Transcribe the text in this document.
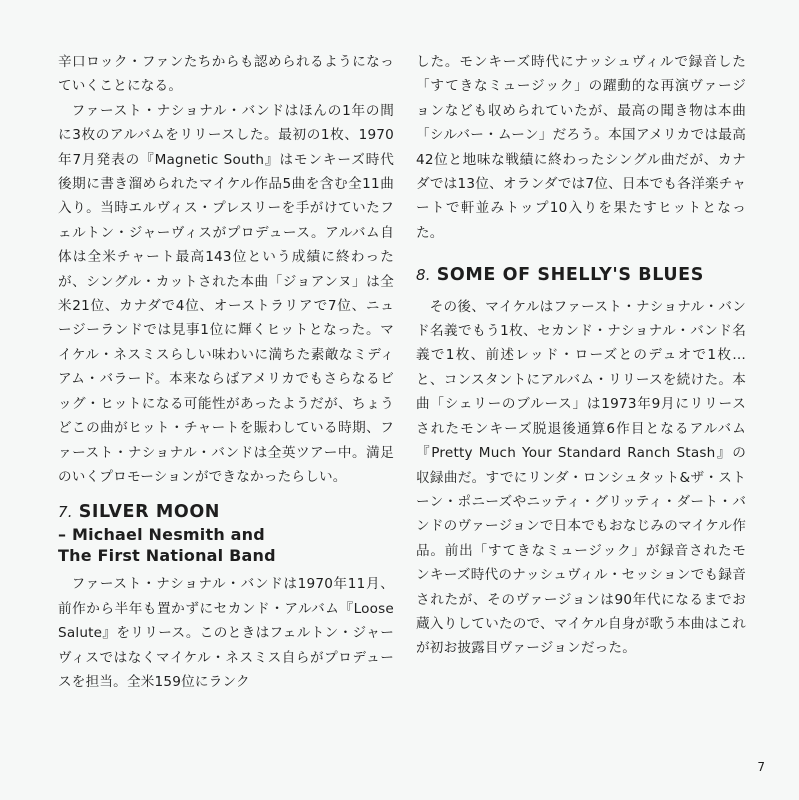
辛口ロック・ファンたちからも認められるようになっていくことになる。

ファースト・ナショナル・バンドはほんの1年の間に3枚のアルバムをリリースした。最初の1枚、1970年7月発表の『Magnetic South』はモンキーズ時代後期に書き溜められたマイケル作品5曲を含む全11曲入り。当時エルヴィス・プレスリーを手がけていたフェルトン・ジャーヴィスがプロデュース。アルバム自体は全米チャート最高143位という成績に終わったが、シングル・カットされた本曲「ジョアンヌ」は全米21位、カナダで4位、オーストラリアで7位、ニュージーランドでは見事1位に輝くヒットとなった。マイケル・ネスミスらしい味わいに満ちた素敵なミディアム・バラード。本来ならばアメリカでもさらなるビッグ・ヒットになる可能性があったようだが、ちょうどこの曲がヒット・チャートを賑わしている時期、ファースト・ナショナル・バンドは全英ツアー中。満足のいくプロモーションができなかったらしい。

7. SILVER MOON
– Michael Nesmith and
The First National Band

ファースト・ナショナル・バンドは1970年11月、前作から半年も置かずにセカンド・アルバム『Loose Salute』をリリース。このときはフェルトン・ジャーヴィスではなくマイケル・ネスミス自らがプロデュースを担当。全米159位にランク

した。モンキーズ時代にナッシュヴィルで録音した「すてきなミュージック」の躍動的な再演ヴァージョンなども収められていたが、最高の聞き物は本曲「シルバー・ムーン」だろう。本国アメリカでは最高42位と地味な戦績に終わったシングル曲だが、カナダでは13位、オランダでは7位、日本でも各洋楽チャートで軒並みトップ10入りを果たすヒットとなった。

8. SOME OF SHELLY'S BLUES

その後、マイケルはファースト・ナショナル・バンド名義でもう1枚、セカンド・ナショナル・バンド名義で1枚、前述レッド・ローズとのデュオで1枚…と、コンスタントにアルバム・リリースを続けた。本曲「シェリーのブルース」は1973年9月にリリースされたモンキーズ脱退後通算6作目となるアルバム『Pretty Much Your Standard Ranch Stash』の収録曲だ。すでにリンダ・ロンシュタット&ザ・ストーン・ポニーズやニッティ・グリッティ・ダート・バンドのヴァージョンで日本でもおなじみのマイケル作品。前出「すてきなミュージック」が録音されたモンキーズ時代のナッシュヴィル・セッションでも録音されたが、そのヴァージョンは90年代になるまでお蔵入りしていたので、マイケル自身が歌う本曲はこれが初お披露目ヴァージョンだった。

7
